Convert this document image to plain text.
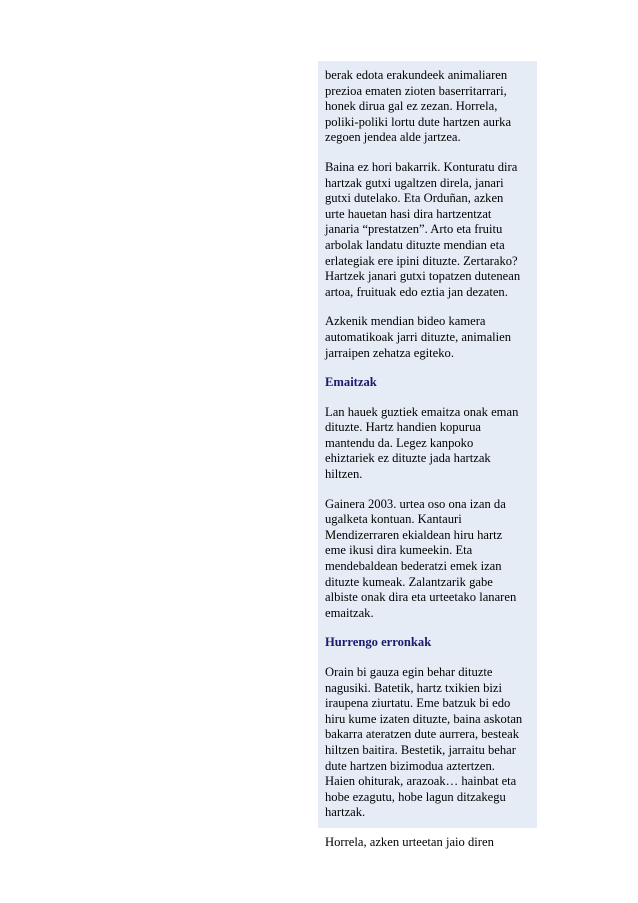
berak edota erakundeek animaliaren
prezioa ematen zioten baserritarrari,
honek dirua gal ez zezan. Horrela,
poliki-poliki lortu dute hartzen aurka
zegoen jendea alde jartzea.

Baina ez hori bakarrik. Konturatu dira
hartzak gutxi ugaltzen direla, janari
gutxi dutelako. Eta Orduñan, azken
urte hauetan hasi dira hartzentzat
janaria “prestatzen”. Arto eta fruitu
arbolak landatu dituzte mendian eta
erlategiak ere ipini dituzte. Zertarako?
Hartzek janari gutxi topatzen dutenean
artoa, fruituak edo eztia jan dezaten.

Azkenik mendian bideo kamera
automatikoak jarri dituzte, animalien
jarraipen zehatza egiteko.

Emaitzak

Lan hauek guztiek emaitza onak eman
dituzte. Hartz handien kopurua
mantendu da. Legez kanpoko
ehiztariek ez dituzte jada hartzak
hiltzen.

Gainera 2003. urtea oso ona izan da
ugalketa kontuan. Kantauri
Mendizerraren ekialdean hiru hartz
eme ikusi dira kumeekin. Eta
mendebaldean bederatzi emek izan
dituzte kumeak. Zalantzarik gabe
albiste onak dira eta urteetako lanaren
emaitzak.

Hurrengo erronkak

Orain bi gauza egin behar dituzte
nagusiki. Batetik, hartz txikien bizi
iraupena ziurtatu. Eme batzuk bi edo
hiru kume izaten dituzte, baina askotan
bakarra ateratzen dute aurrera, besteak
hiltzen baitira. Bestetik, jarraitu behar
dute hartzen bizimodua aztertzen.
Haien ohiturak, arazoak… hainbat eta
hobe ezagutu, hobe lagun ditzakegu
hartzak.

Horrela, azken urteetan jaio diren
